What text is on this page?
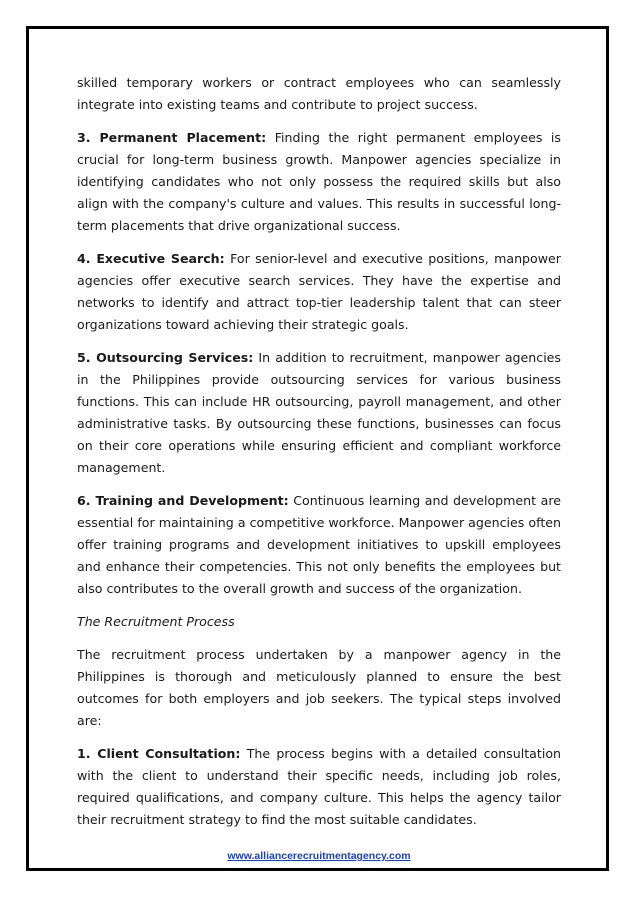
skilled temporary workers or contract employees who can seamlessly integrate into existing teams and contribute to project success.

3. Permanent Placement: Finding the right permanent employees is crucial for long-term business growth. Manpower agencies specialize in identifying candidates who not only possess the required skills but also align with the company's culture and values. This results in successful long-term placements that drive organizational success.

4. Executive Search: For senior-level and executive positions, manpower agencies offer executive search services. They have the expertise and networks to identify and attract top-tier leadership talent that can steer organizations toward achieving their strategic goals.

5. Outsourcing Services: In addition to recruitment, manpower agencies in the Philippines provide outsourcing services for various business functions. This can include HR outsourcing, payroll management, and other administrative tasks. By outsourcing these functions, businesses can focus on their core operations while ensuring efficient and compliant workforce management.

6. Training and Development: Continuous learning and development are essential for maintaining a competitive workforce. Manpower agencies often offer training programs and development initiatives to upskill employees and enhance their competencies. This not only benefits the employees but also contributes to the overall growth and success of the organization.

The Recruitment Process

The recruitment process undertaken by a manpower agency in the Philippines is thorough and meticulously planned to ensure the best outcomes for both employers and job seekers. The typical steps involved are:

1. Client Consultation: The process begins with a detailed consultation with the client to understand their specific needs, including job roles, required qualifications, and company culture. This helps the agency tailor their recruitment strategy to find the most suitable candidates.

www.alliancerecruitmentagency.com
